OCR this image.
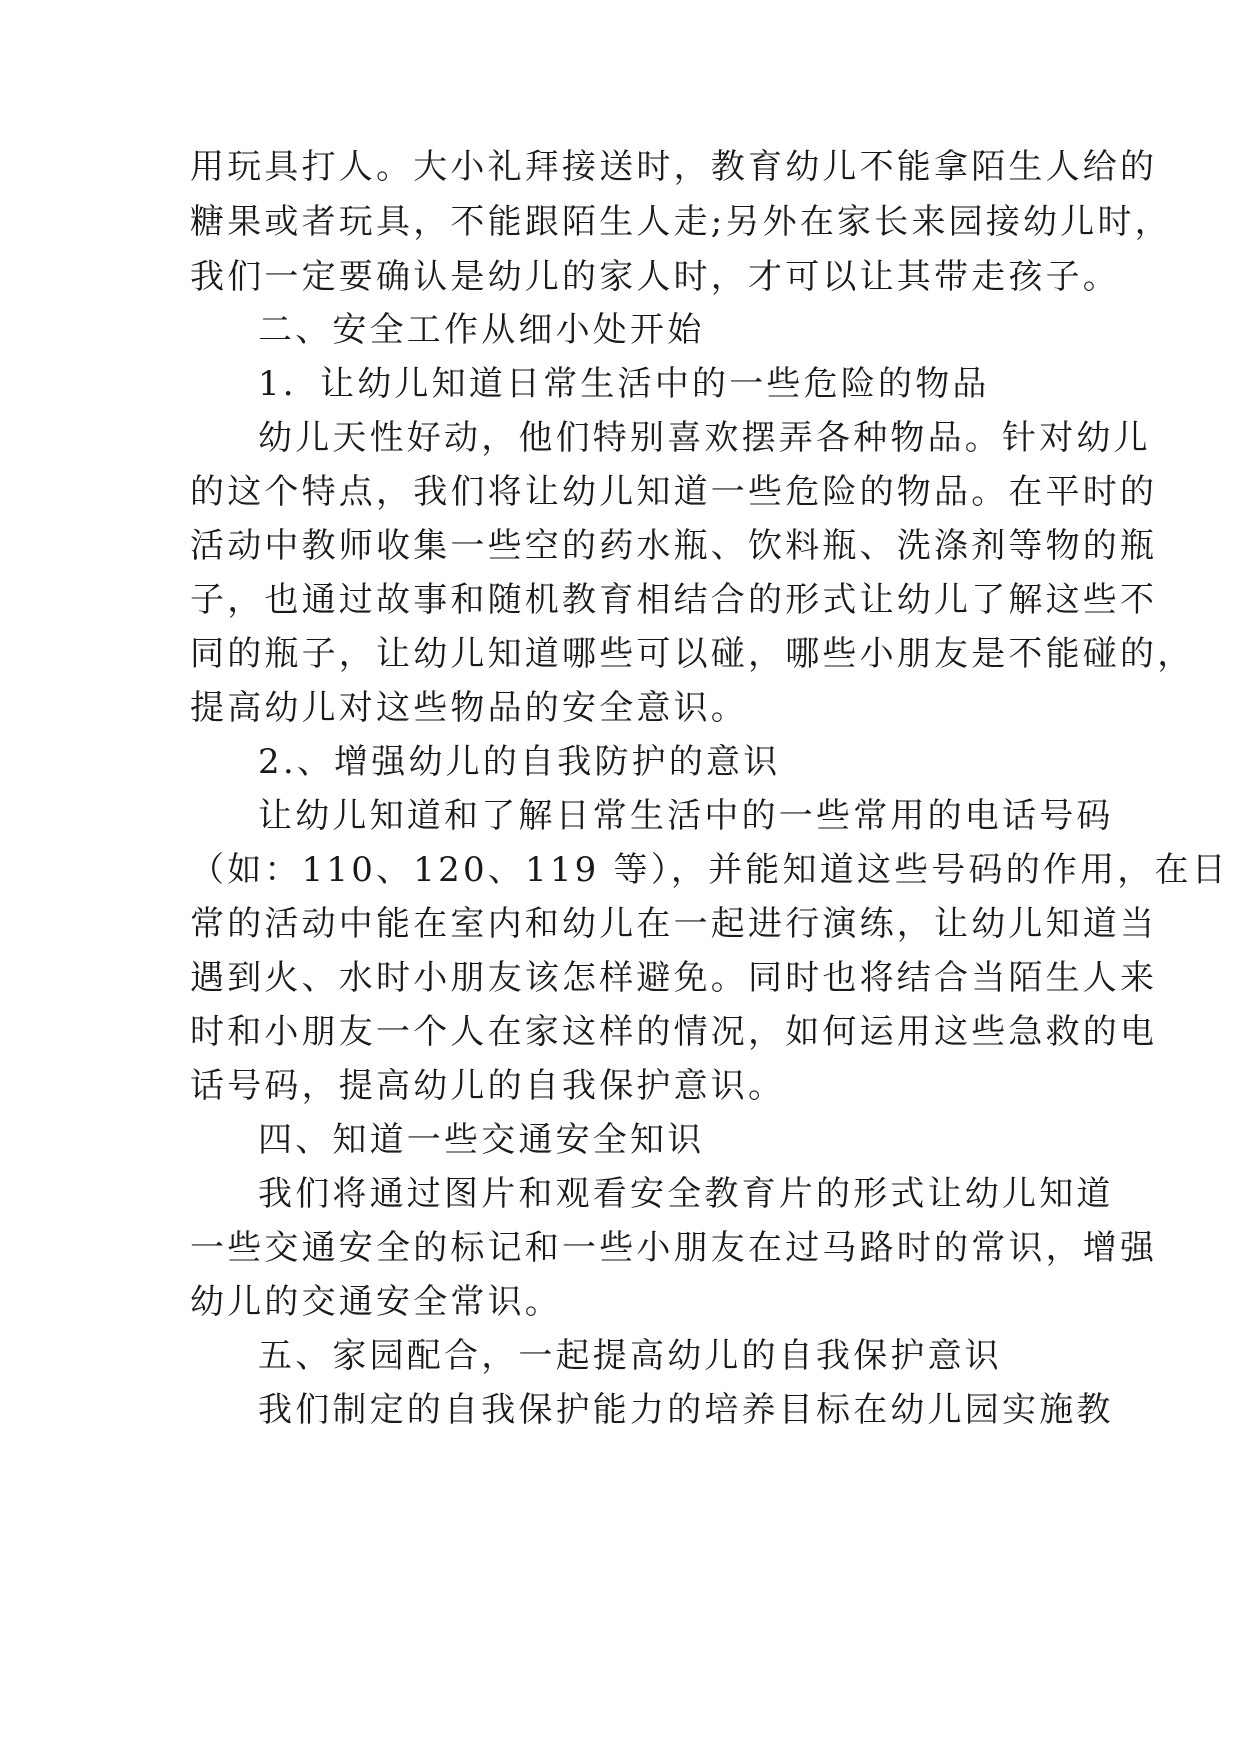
用玩具打人。大小礼拜接送时，教育幼儿不能拿陌生人给的
糖果或者玩具，不能跟陌生人走;另外在家长来园接幼儿时，
我们一定要确认是幼儿的家人时，才可以让其带走孩子。
二、安全工作从细小处开始
1．让幼儿知道日常生活中的一些危险的物品
幼儿天性好动，他们特别喜欢摆弄各种物品。针对幼儿
的这个特点，我们将让幼儿知道一些危险的物品。在平时的
活动中教师收集一些空的药水瓶、饮料瓶、洗涤剂等物的瓶
子，也通过故事和随机教育相结合的形式让幼儿了解这些不
同的瓶子，让幼儿知道哪些可以碰，哪些小朋友是不能碰的，
提高幼儿对这些物品的安全意识。
2.、增强幼儿的自我防护的意识
让幼儿知道和了解日常生活中的一些常用的电话号码
（如：110、120、119 等），并能知道这些号码的作用，在日
常的活动中能在室内和幼儿在一起进行演练，让幼儿知道当
遇到火、水时小朋友该怎样避免。同时也将结合当陌生人来
时和小朋友一个人在家这样的情况，如何运用这些急救的电
话号码，提高幼儿的自我保护意识。
四、知道一些交通安全知识
我们将通过图片和观看安全教育片的形式让幼儿知道
一些交通安全的标记和一些小朋友在过马路时的常识，增强
幼儿的交通安全常识。
五、家园配合，一起提高幼儿的自我保护意识
我们制定的自我保护能力的培养目标在幼儿园实施教
